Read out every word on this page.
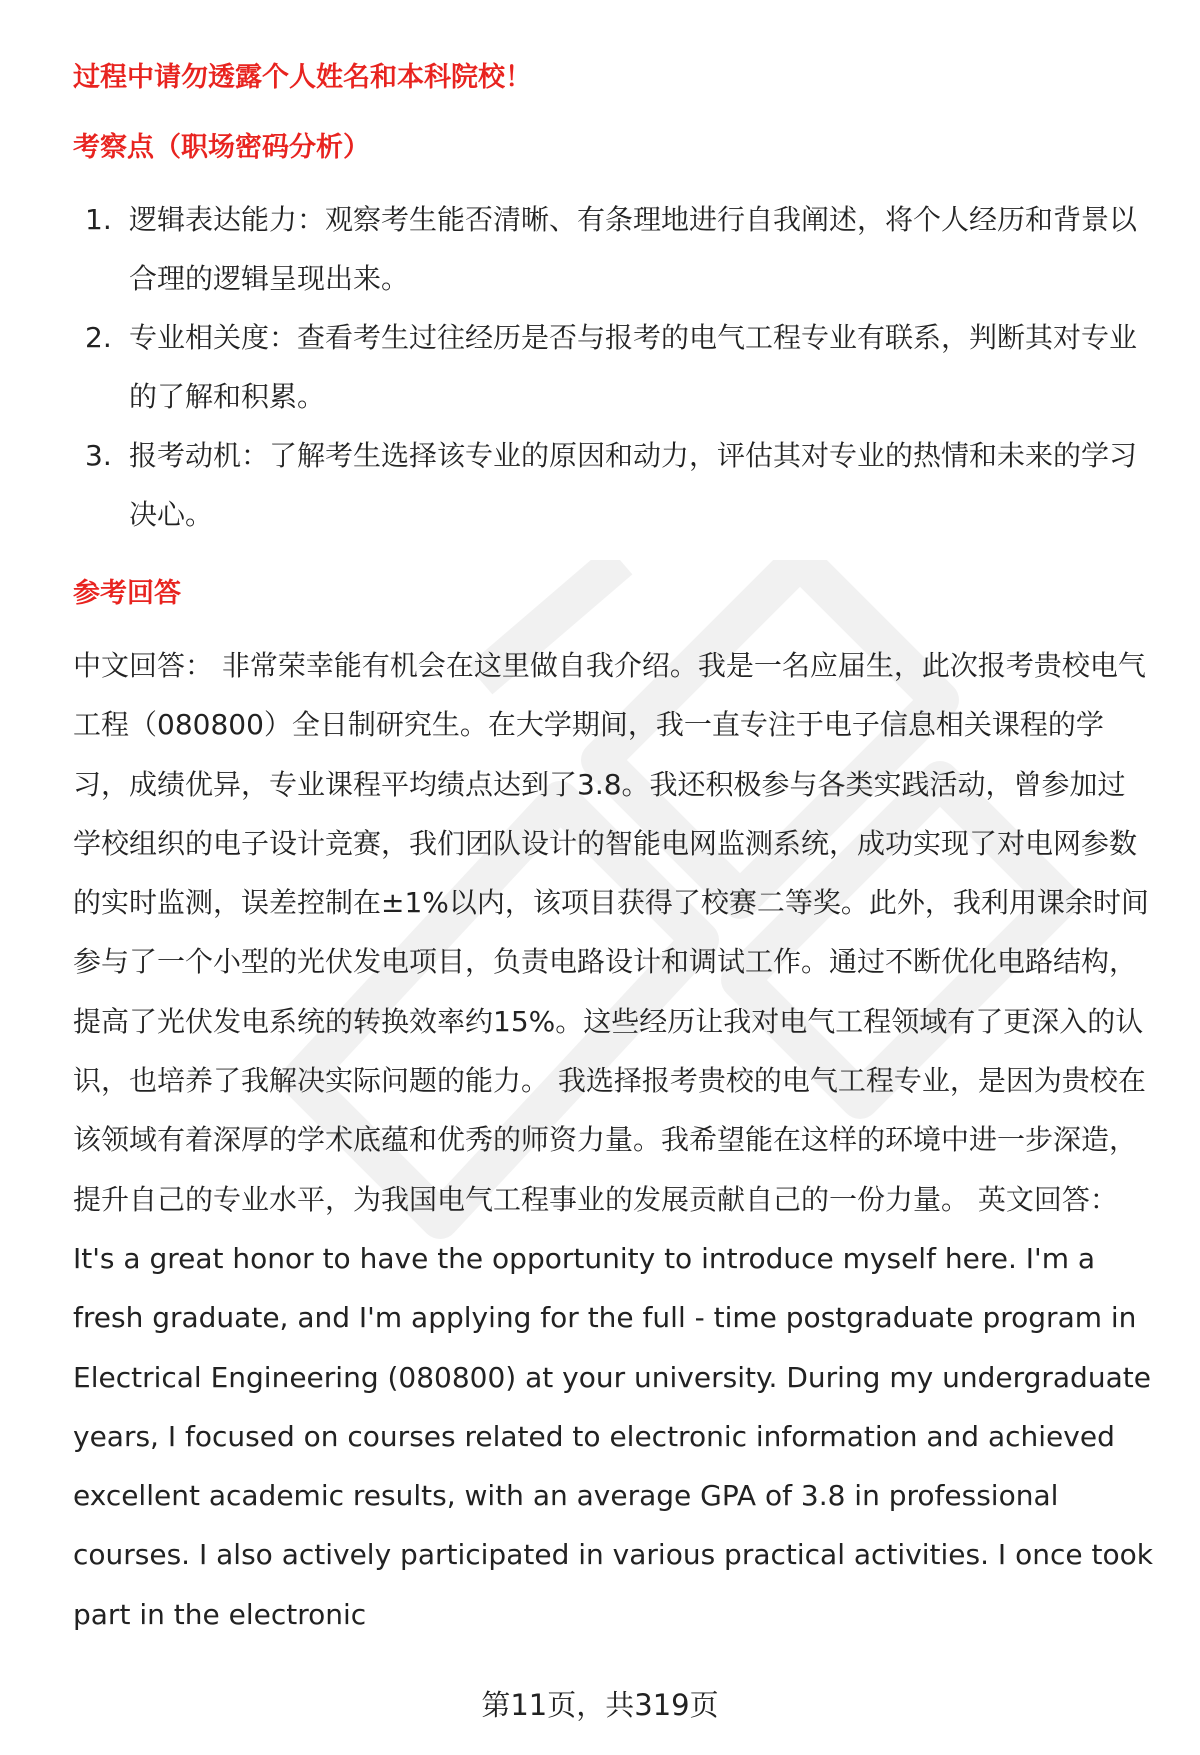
过程中请勿透露个人姓名和本科院校！

考察点（职场密码分析）

1. 逻辑表达能力：观察考生能否清晰、有条理地进行自我阐述，将个人经历和背景以合理的逻辑呈现出来。
2. 专业相关度：查看考生过往经历是否与报考的电气工程专业有联系，判断其对专业的了解和积累。
3. 报考动机：了解考生选择该专业的原因和动力，评估其对专业的热情和未来的学习决心。

参考回答

中文回答： 非常荣幸能有机会在这里做自我介绍。我是一名应届生，此次报考贵校电气工程（080800）全日制研究生。在大学期间，我一直专注于电子信息相关课程的学习，成绩优异，专业课程平均绩点达到了3.8。我还积极参与各类实践活动，曾参加过学校组织的电子设计竞赛，我们团队设计的智能电网监测系统，成功实现了对电网参数的实时监测，误差控制在±1%以内，该项目获得了校赛二等奖。此外，我利用课余时间参与了一个小型的光伏发电项目，负责电路设计和调试工作。通过不断优化电路结构，提高了光伏发电系统的转换效率约15%。这些经历让我对电气工程领域有了更深入的认识，也培养了我解决实际问题的能力。 我选择报考贵校的电气工程专业，是因为贵校在该领域有着深厚的学术底蕴和优秀的师资力量。我希望能在这样的环境中进一步深造，提升自己的专业水平，为我国电气工程事业的发展贡献自己的一份力量。 英文回答： It's a great honor to have the opportunity to introduce myself here. I'm a fresh graduate, and I'm applying for the full - time postgraduate program in Electrical Engineering (080800) at your university. During my undergraduate years, I focused on courses related to electronic information and achieved excellent academic results, with an average GPA of 3.8 in professional courses. I also actively participated in various practical activities. I once took part in the electronic

第11页，共319页
